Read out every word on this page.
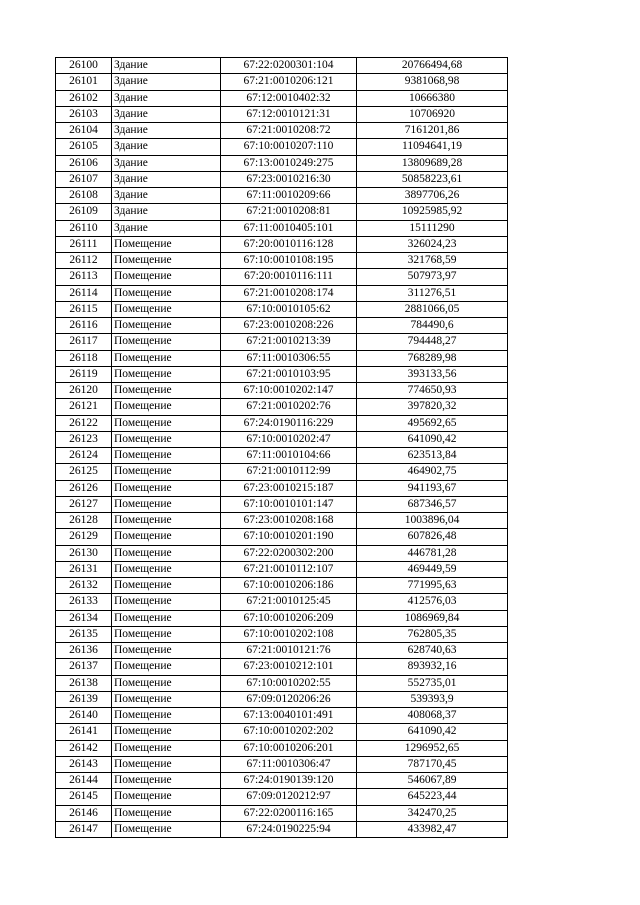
26100	Здание	67:22:0200301:104	20766494,68
26101	Здание	67:21:0010206:121	9381068,98
26102	Здание	67:12:0010402:32	10666380
26103	Здание	67:12:0010121:31	10706920
26104	Здание	67:21:0010208:72	7161201,86
26105	Здание	67:10:0010207:110	11094641,19
26106	Здание	67:13:0010249:275	13809689,28
26107	Здание	67:23:0010216:30	50858223,61
26108	Здание	67:11:0010209:66	3897706,26
26109	Здание	67:21:0010208:81	10925985,92
26110	Здание	67:11:0010405:101	15111290
26111	Помещение	67:20:0010116:128	326024,23
26112	Помещение	67:10:0010108:195	321768,59
26113	Помещение	67:20:0010116:111	507973,97
26114	Помещение	67:21:0010208:174	311276,51
26115	Помещение	67:10:0010105:62	2881066,05
26116	Помещение	67:23:0010208:226	784490,6
26117	Помещение	67:21:0010213:39	794448,27
26118	Помещение	67:11:0010306:55	768289,98
26119	Помещение	67:21:0010103:95	393133,56
26120	Помещение	67:10:0010202:147	774650,93
26121	Помещение	67:21:0010202:76	397820,32
26122	Помещение	67:24:0190116:229	495692,65
26123	Помещение	67:10:0010202:47	641090,42
26124	Помещение	67:11:0010104:66	623513,84
26125	Помещение	67:21:0010112:99	464902,75
26126	Помещение	67:23:0010215:187	941193,67
26127	Помещение	67:10:0010101:147	687346,57
26128	Помещение	67:23:0010208:168	1003896,04
26129	Помещение	67:10:0010201:190	607826,48
26130	Помещение	67:22:0200302:200	446781,28
26131	Помещение	67:21:0010112:107	469449,59
26132	Помещение	67:10:0010206:186	771995,63
26133	Помещение	67:21:0010125:45	412576,03
26134	Помещение	67:10:0010206:209	1086969,84
26135	Помещение	67:10:0010202:108	762805,35
26136	Помещение	67:21:0010121:76	628740,63
26137	Помещение	67:23:0010212:101	893932,16
26138	Помещение	67:10:0010202:55	552735,01
26139	Помещение	67:09:0120206:26	539393,9
26140	Помещение	67:13:0040101:491	408068,37
26141	Помещение	67:10:0010202:202	641090,42
26142	Помещение	67:10:0010206:201	1296952,65
26143	Помещение	67:11:0010306:47	787170,45
26144	Помещение	67:24:0190139:120	546067,89
26145	Помещение	67:09:0120212:97	645223,44
26146	Помещение	67:22:0200116:165	342470,25
26147	Помещение	67:24:0190225:94	433982,47
